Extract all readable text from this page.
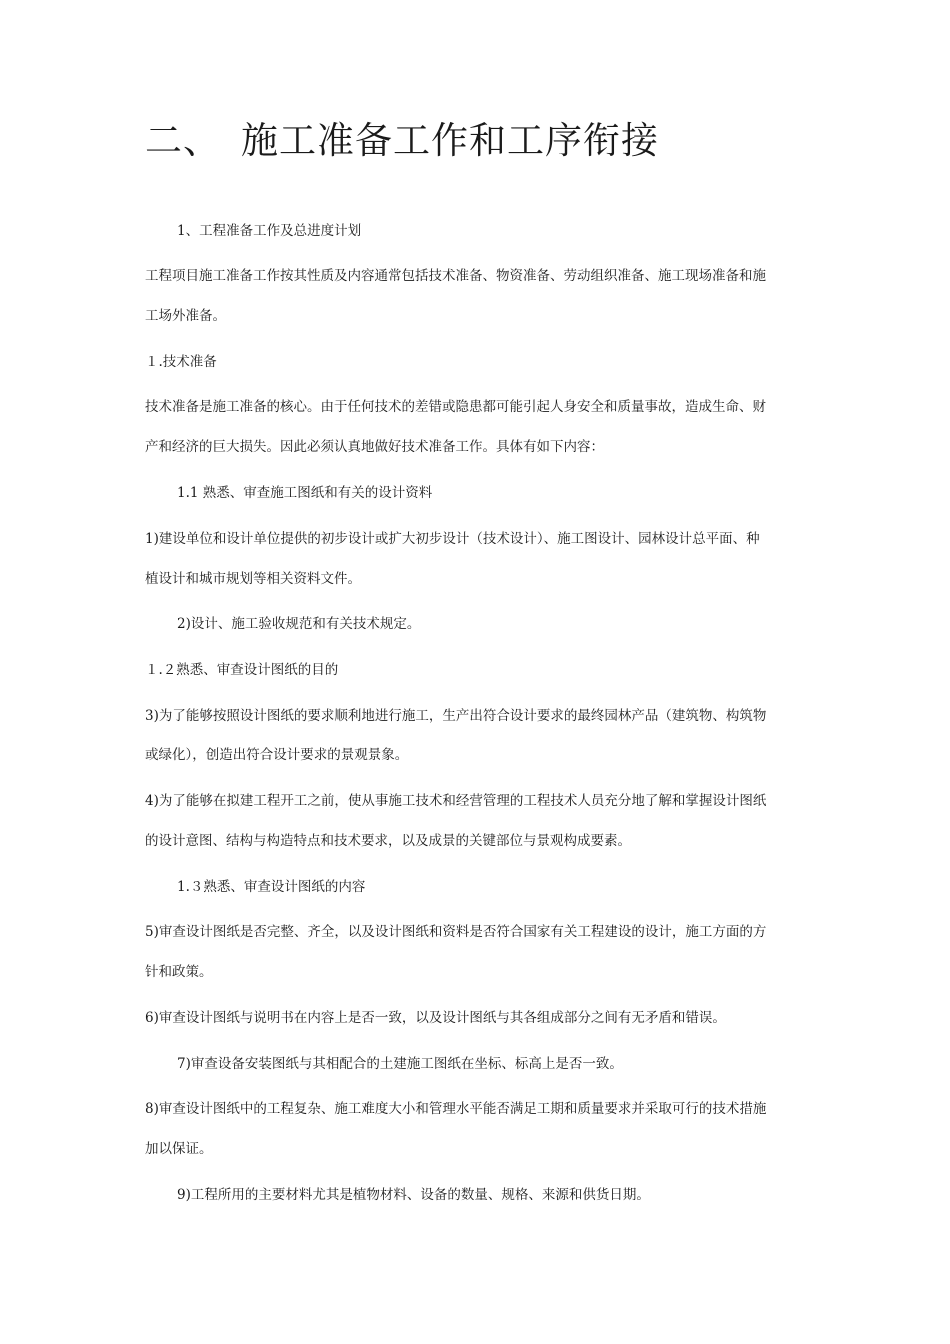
二、 施工准备工作和工序衔接
1、工程准备工作及总进度计划
工程项目施工准备工作按其性质及内容通常包括技术准备、物资准备、劳动组织准备、施工现场准备和施
工场外准备。
１.技术准备
技术准备是施工准备的核心。由于任何技术的差错或隐患都可能引起人身安全和质量事故，造成生命、财
产和经济的巨大损失。因此必须认真地做好技术准备工作。具体有如下内容：
1.1 熟悉、审查施工图纸和有关的设计资料
1)建设单位和设计单位提供的初步设计或扩大初步设计（技术设计）、施工图设计、园林设计总平面、种
植设计和城市规划等相关资料文件。
2)设计、施工验收规范和有关技术规定。
１.２熟悉、审查设计图纸的目的
3)为了能够按照设计图纸的要求顺利地进行施工，生产出符合设计要求的最终园林产品（建筑物、构筑物
或绿化），创造出符合设计要求的景观景象。
4)为了能够在拟建工程开工之前，使从事施工技术和经营管理的工程技术人员充分地了解和掌握设计图纸
的设计意图、结构与构造特点和技术要求，以及成景的关键部位与景观构成要素。
1.３熟悉、审查设计图纸的内容
5)审查设计图纸是否完整、齐全，以及设计图纸和资料是否符合国家有关工程建设的设计，施工方面的方
针和政策。
6)审查设计图纸与说明书在内容上是否一致，以及设计图纸与其各组成部分之间有无矛盾和错误。
7)审查设备安装图纸与其相配合的土建施工图纸在坐标、标高上是否一致。
8)审查设计图纸中的工程复杂、施工难度大小和管理水平能否满足工期和质量要求并采取可行的技术措施
加以保证。
9)工程所用的主要材料尤其是植物材料、设备的数量、规格、来源和供货日期。
